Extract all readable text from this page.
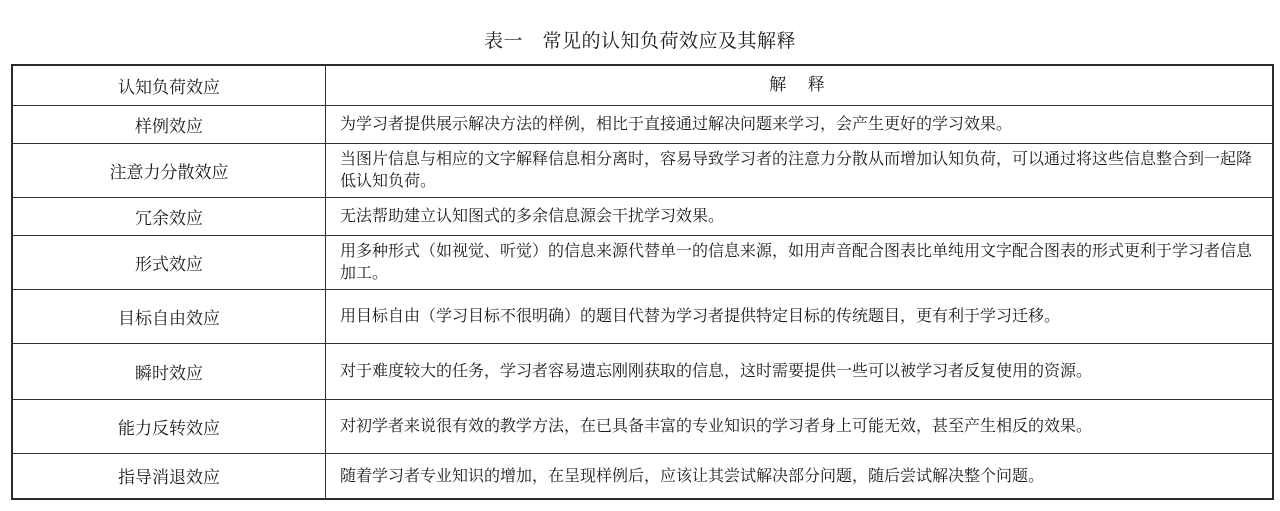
表一　常见的认知负荷效应及其解释
认知负荷效应	解 释
样例效应	为学习者提供展示解决方法的样例，相比于直接通过解决问题来学习，会产生更好的学习效果。
注意力分散效应	当图片信息与相应的文字解释信息相分离时，容易导致学习者的注意力分散从而增加认知负荷，可以通过将这些信息整合到一起降低认知负荷。
冗余效应	无法帮助建立认知图式的多余信息源会干扰学习效果。
形式效应	用多种形式（如视觉、听觉）的信息来源代替单一的信息来源，如用声音配合图表比单纯用文字配合图表的形式更利于学习者信息加工。
目标自由效应	用目标自由（学习目标不很明确）的题目代替为学习者提供特定目标的传统题目，更有利于学习迁移。
瞬时效应	对于难度较大的任务，学习者容易遗忘刚刚获取的信息，这时需要提供一些可以被学习者反复使用的资源。
能力反转效应	对初学者来说很有效的教学方法，在已具备丰富的专业知识的学习者身上可能无效，甚至产生相反的效果。
指导消退效应	随着学习者专业知识的增加，在呈现样例后，应该让其尝试解决部分问题，随后尝试解决整个问题。
